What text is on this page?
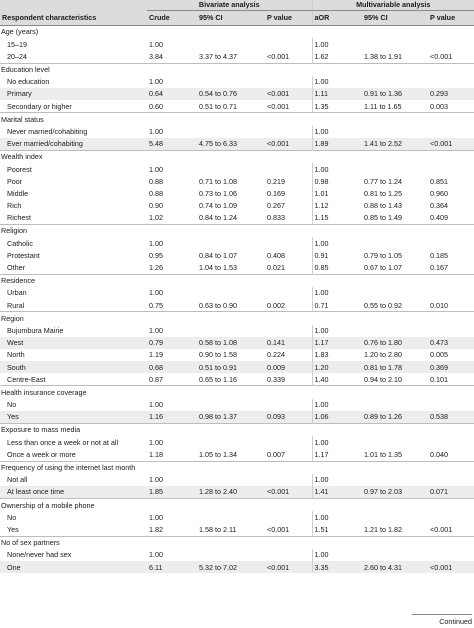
	Bivariate analysis			Multivariable analysis		
Respondent characteristics	Crude	95% CI	P value	aOR	95% CI	P value
Age (years)						
15–19	1.00			1.00		
20–24	3.84	3.37 to 4.37	<0.001	1.62	1.38 to 1.91	<0.001
Education level						
No education	1.00			1.00		
Primary	0.64	0.54 to 0.76	<0.001	1.11	0.91 to 1.36	0.293
Secondary or higher	0.60	0.51 to 0.71	<0.001	1.35	1.11 to 1.65	0.003
Marital status						
Never married/cohabiting	1.00			1.00		
Ever married/cohabiting	5.48	4.75 to 6.33	<0.001	1.89	1.41 to 2.52	<0.001
Wealth index						
Poorest	1.00			1.00		
Poor	0.88	0.71 to 1.08	0.219	0.98	0.77 to 1.24	0.851
Middle	0.88	0.73 to 1.06	0.169	1.01	0.81 to 1.25	0.960
Rich	0.90	0.74 to 1.09	0.267	1.12	0.88 to 1.43	0.364
Richest	1.02	0.84 to 1.24	0.833	1.15	0.85 to 1.49	0.409
Religion						
Catholic	1.00			1.00		
Protestant	0.95	0.84 to 1.07	0.408	0.91	0.79 to 1.05	0.185
Other	1.26	1.04 to 1.53	0.021	0.85	0.67 to 1.07	0.167
Residence						
Urban	1.00			1.00		
Rural	0.75	0.63 to 0.90	0.002	0.71	0.55 to 0.92	0.010
Region						
Bujumbura Mairie	1.00			1.00		
West	0.79	0.58 to 1.08	0.141	1.17	0.76 to 1.80	0.473
North	1.19	0.90 to 1.58	0.224	1.83	1.20 to 2.80	0.005
South	0.68	0.51 to 0.91	0.009	1.20	0.81 to 1.78	0.369
Centre-East	0.87	0.65 to 1.16	0.339	1.40	0.94 to 2.10	0.101
Health insurance coverage						
No	1.00			1.00		
Yes	1.16	0.98 to 1.37	0.093	1.06	0.89 to 1.26	0.538
Exposure to mass media						
Less than once a week or not at all	1.00			1.00		
Once a week or more	1.18	1.05 to 1.34	0.007	1.17	1.01 to 1.35	0.040
Frequency of using the internet last month						
Not all	1.00			1.00		
At least once time	1.85	1.28 to 2.40	<0.001	1.41	0.97 to 2.03	0.071
Ownership of a mobile phone						
No	1.00			1.00		
Yes	1.82	1.58 to 2.11	<0.001	1.51	1.21 to 1.82	<0.001
No of sex partners						
None/never had sex	1.00			1.00		
One	6.11	5.32 to 7.02	<0.001	3.35	2.60 to 4.31	<0.001
Continued
